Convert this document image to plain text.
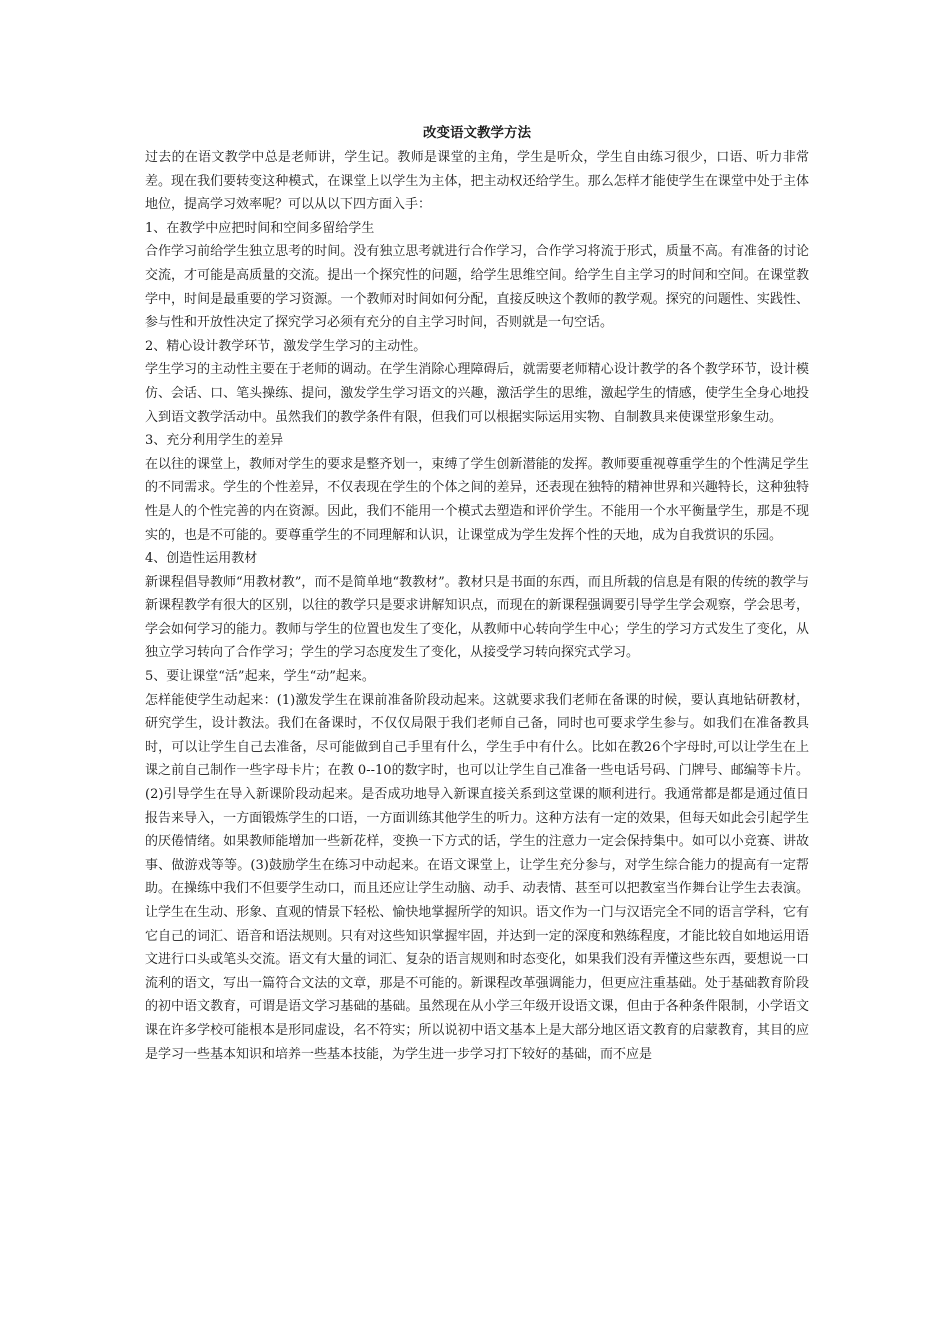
改变语文教学方法

过去的在语文教学中总是老师讲，学生记。教师是课堂的主角，学生是听众，学生自由练习很少，口语、听力非常差。现在我们要转变这种模式，在课堂上以学生为主体，把主动权还给学生。那么怎样才能使学生在课堂中处于主体地位，提高学习效率呢？可以从以下四方面入手：

1、在教学中应把时间和空间多留给学生

合作学习前给学生独立思考的时间。没有独立思考就进行合作学习，合作学习将流于形式，质量不高。有准备的讨论交流，才可能是高质量的交流。提出一个探究性的问题，给学生思维空间。给学生自主学习的时间和空间。在课堂教学中，时间是最重要的学习资源。一个教师对时间如何分配，直接反映这个教师的教学观。探究的问题性、实践性、参与性和开放性决定了探究学习必须有充分的自主学习时间，否则就是一句空话。

2、精心设计教学环节，激发学生学习的主动性。

学生学习的主动性主要在于老师的调动。在学生消除心理障碍后，就需要老师精心设计教学的各个教学环节，设计模仿、会话、口、笔头操练、提问，激发学生学习语文的兴趣，激活学生的思维，激起学生的情感，使学生全身心地投入到语文教学活动中。虽然我们的教学条件有限，但我们可以根据实际运用实物、自制教具来使课堂形象生动。

3、充分利用学生的差异

在以往的课堂上，教师对学生的要求是整齐划一，束缚了学生创新潜能的发挥。教师要重视尊重学生的个性满足学生的不同需求。学生的个性差异，不仅表现在学生的个体之间的差异，还表现在独特的精神世界和兴趣特长，这种独特性是人的个性完善的内在资源。因此，我们不能用一个模式去塑造和评价学生。不能用一个水平衡量学生，那是不现实的，也是不可能的。要尊重学生的不同理解和认识，让课堂成为学生发挥个性的天地，成为自我赏识的乐园。

4、创造性运用教材

新课程倡导教师“用教材教”，而不是简单地“教教材”。教材只是书面的东西，而且所载的信息是有限的传统的教学与新课程教学有很大的区别，以往的教学只是要求讲解知识点，而现在的新课程强调要引导学生学会观察，学会思考，学会如何学习的能力。教师与学生的位置也发生了变化，从教师中心转向学生中心；学生的学习方式发生了变化，从独立学习转向了合作学习；学生的学习态度发生了变化，从接受学习转向探究式学习。

5、要让课堂“活”起来，学生“动”起来。

怎样能使学生动起来：(1)激发学生在课前准备阶段动起来。这就要求我们老师在备课的时候，要认真地钻研教材，研究学生，设计教法。我们在备课时，不仅仅局限于我们老师自己备，同时也可要求学生参与。如我们在准备教具时，可以让学生自己去准备，尽可能做到自己手里有什么，学生手中有什么。比如在教26个字母时,可以让学生在上课之前自己制作一些字母卡片；在教 0--10的数字时，也可以让学生自己准备一些电话号码、门牌号、邮编等卡片。(2)引导学生在导入新课阶段动起来。是否成功地导入新课直接关系到这堂课的顺利进行。我通常都是都是通过值日报告来导入，一方面锻炼学生的口语，一方面训练其他学生的听力。这种方法有一定的效果，但每天如此会引起学生的厌倦情绪。如果教师能增加一些新花样，变换一下方式的话，学生的注意力一定会保持集中。如可以小竞赛、讲故事、做游戏等等。(3)鼓励学生在练习中动起来。在语文课堂上，让学生充分参与，对学生综合能力的提高有一定帮助。在操练中我们不但要学生动口，而且还应让学生动脑、动手、动表情、甚至可以把教室当作舞台让学生去表演。让学生在生动、形象、直观的情景下轻松、愉快地掌握所学的知识。语文作为一门与汉语完全不同的语言学科，它有它自己的词汇、语音和语法规则。只有对这些知识掌握牢固，并达到一定的深度和熟练程度，才能比较自如地运用语文进行口头或笔头交流。语文有大量的词汇、复杂的语言规则和时态变化，如果我们没有弄懂这些东西，要想说一口流利的语文，写出一篇符合文法的文章，那是不可能的。新课程改革强调能力，但更应注重基础。处于基础教育阶段的初中语文教育，可谓是语文学习基础的基础。虽然现在从小学三年级开设语文课，但由于各种条件限制，小学语文课在许多学校可能根本是形同虚设，名不符实；所以说初中语文基本上是大部分地区语文教育的启蒙教育，其目的应是学习一些基本知识和培养一些基本技能，为学生进一步学习打下较好的基础，而不应是
